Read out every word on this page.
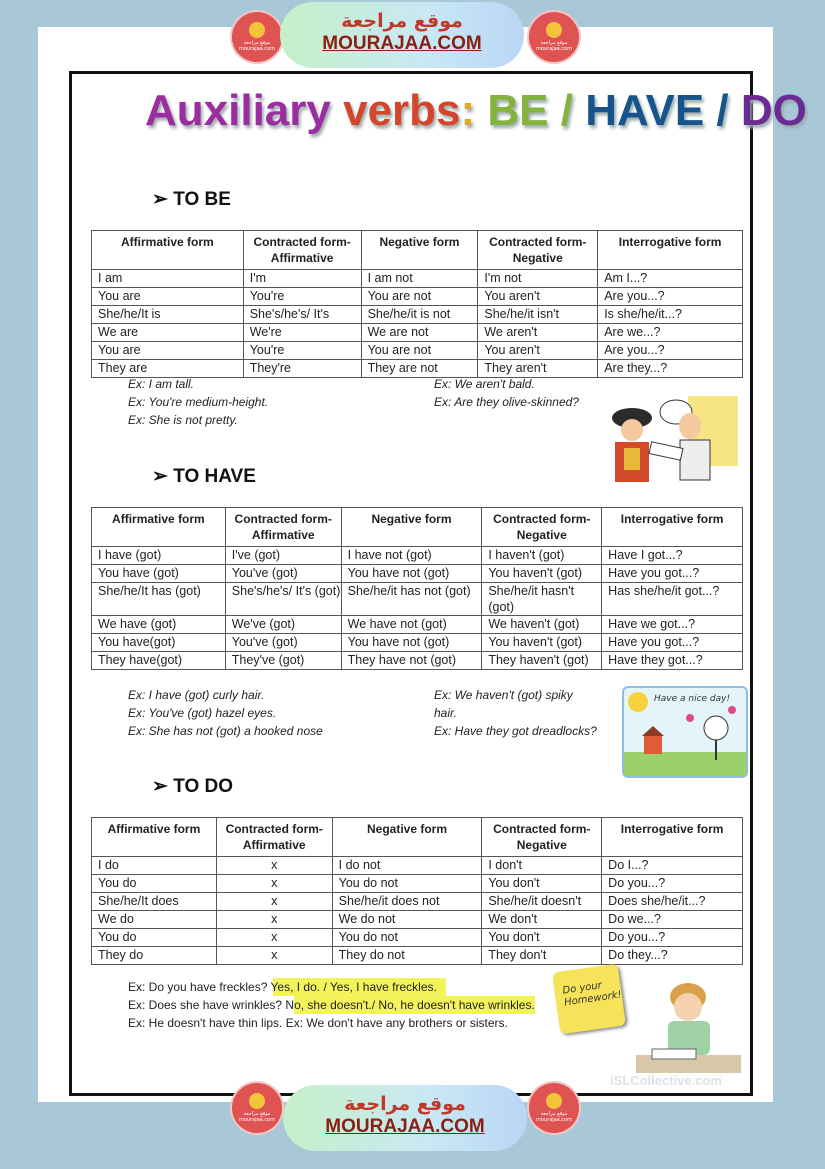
موقع مراجعة mourajaa.com
موقع مراجعة
MOURAJAA.COM	موقع مراجعة mourajaa.com
Auxiliary verbs: BE / HAVE / DO
➢ TO BE
Affirmative form	Contracted form- Affirmative	Negative form	Contracted form- Negative	Interrogative form
I am	I'm	I am not	I'm not	Am I...?
You are	You're	You are not	You aren't	Are you...?
She/he/It is	She's/he's/ It's	She/he/it is not	She/he/it isn't	Is she/he/it...?
We are	We're	We are not	We aren't	Are we...?
You are	You're	You are not	You aren't	Are you...?
They are	They're	They are not	They aren't	Are they...?
Ex: I am tall.
Ex: You're medium-height.
Ex: She is not pretty.
Ex: We aren't bald.
Ex: Are they olive-skinned?
➢ TO HAVE
Affirmative form	Contracted form- Affirmative	Negative form	Contracted form- Negative	Interrogative form
I have (got)	I've (got)	I have not (got)	I haven't (got)	Have I got...?
You have (got)	You've (got)	You have not (got)	You haven't (got)	Have you got...?
She/he/It has (got)	She's/he's/ It's (got)	She/he/it has not (got)	She/he/it hasn't (got)	Has she/he/it got...?
We have (got)	We've (got)	We have not (got)	We haven't (got)	Have we got...?
You have(got)	You've (got)	You have not (got)	You haven't (got)	Have you got...?
They have(got)	They've (got)	They have not (got)	They haven't (got)	Have they got...?
Ex: I have (got) curly hair.
Ex: You've (got) hazel eyes.
Ex: She has not (got) a hooked nose
Ex: We haven't (got) spiky hair.
Ex: Have they got dreadlocks?
Have a nice day!
➢ TO DO
Affirmative form	Contracted form- Affirmative	Negative form	Contracted form- Negative	Interrogative form
I do	x	I do not	I don't	Do I...?
You do	x	You do not	You don't	Do you...?
She/he/It does	x	She/he/it does not	She/he/it doesn't	Does she/he/it...?
We do	x	We do not	We don't	Do we...?
You do	x	You do not	You don't	Do you...?
They do	x	They do not	They don't	Do they...?
Ex: Do you have freckles? Yes, I do. / Yes, I have freckles.
Ex: Does she have wrinkles? No, she doesn't./ No, he doesn't have wrinkles.
Ex: He doesn't have thin lips. Ex: We don't have any brothers or sisters.
Do your Homework!
iSLCollective.com
موقع مراجعة mourajaa.com
موقع مراجعة
MOURAJAA.COM
موقع مراجعة mourajaa.com
